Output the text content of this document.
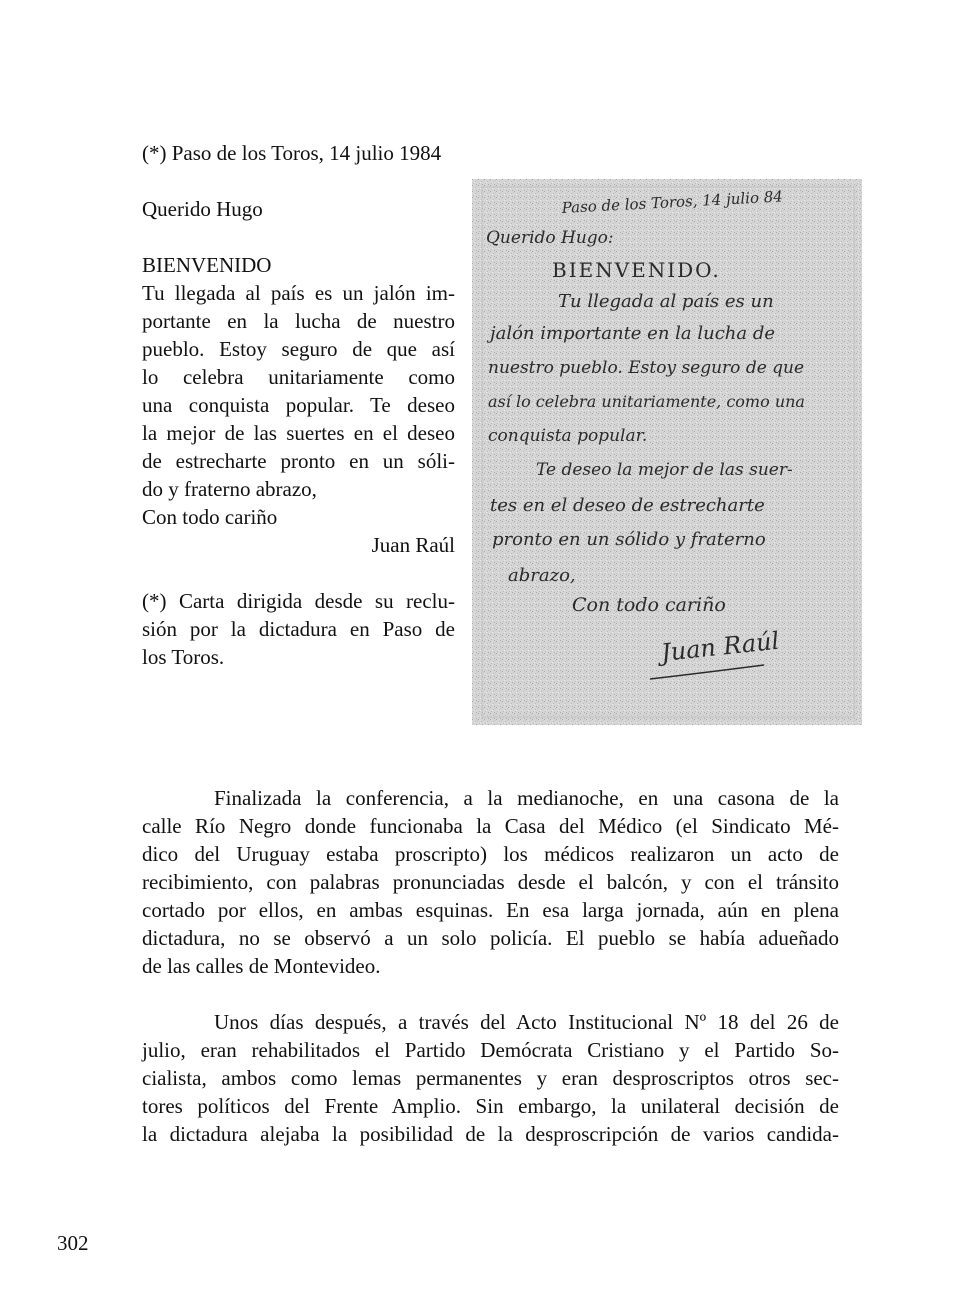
(*) Paso de los Toros, 14 julio 1984
Querido Hugo
BIENVENIDO
Tu llegada al país es un jalón im-
portante en la lucha de nuestro
pueblo. Estoy seguro de que así
lo celebra unitariamente como
una conquista popular. Te deseo
la mejor de las suertes en el deseo
de estrecharte pronto en un sóli-
do y fraterno abrazo,
Con todo cariño
Juan Raúl
(*) Carta dirigida desde su reclu-
sión por la dictadura en Paso de
los Toros.
Paso de los Toros, 14 julio 84
Querido Hugo:
BIENVENIDO.
Tu llegada al país es un
jalón importante en la lucha de
nuestro pueblo. Estoy seguro de que
así lo celebra unitariamente, como una
conquista popular.
Te deseo la mejor de las suer-
tes en el deseo de estrecharte
pronto en un sólido y fraterno
abrazo,
Con todo cariño
Juan Raúl
Finalizada la conferencia, a la medianoche, en una casona de la
calle Río Negro donde funcionaba la Casa del Médico (el Sindicato Mé-
dico del Uruguay estaba proscripto) los médicos realizaron un acto de
recibimiento, con palabras pronunciadas desde el balcón, y con el tránsito
cortado por ellos, en ambas esquinas. En esa larga jornada, aún en plena
dictadura, no se observó a un solo policía. El pueblo se había adueñado
de las calles de Montevideo.
Unos días después, a través del Acto Institucional Nº 18 del 26 de
julio, eran rehabilitados el Partido Demócrata Cristiano y el Partido So-
cialista, ambos como lemas permanentes y eran desproscriptos otros sec-
tores políticos del Frente Amplio. Sin embargo, la unilateral decisión de
la dictadura alejaba la posibilidad de la desproscripción de varios candida-
302
